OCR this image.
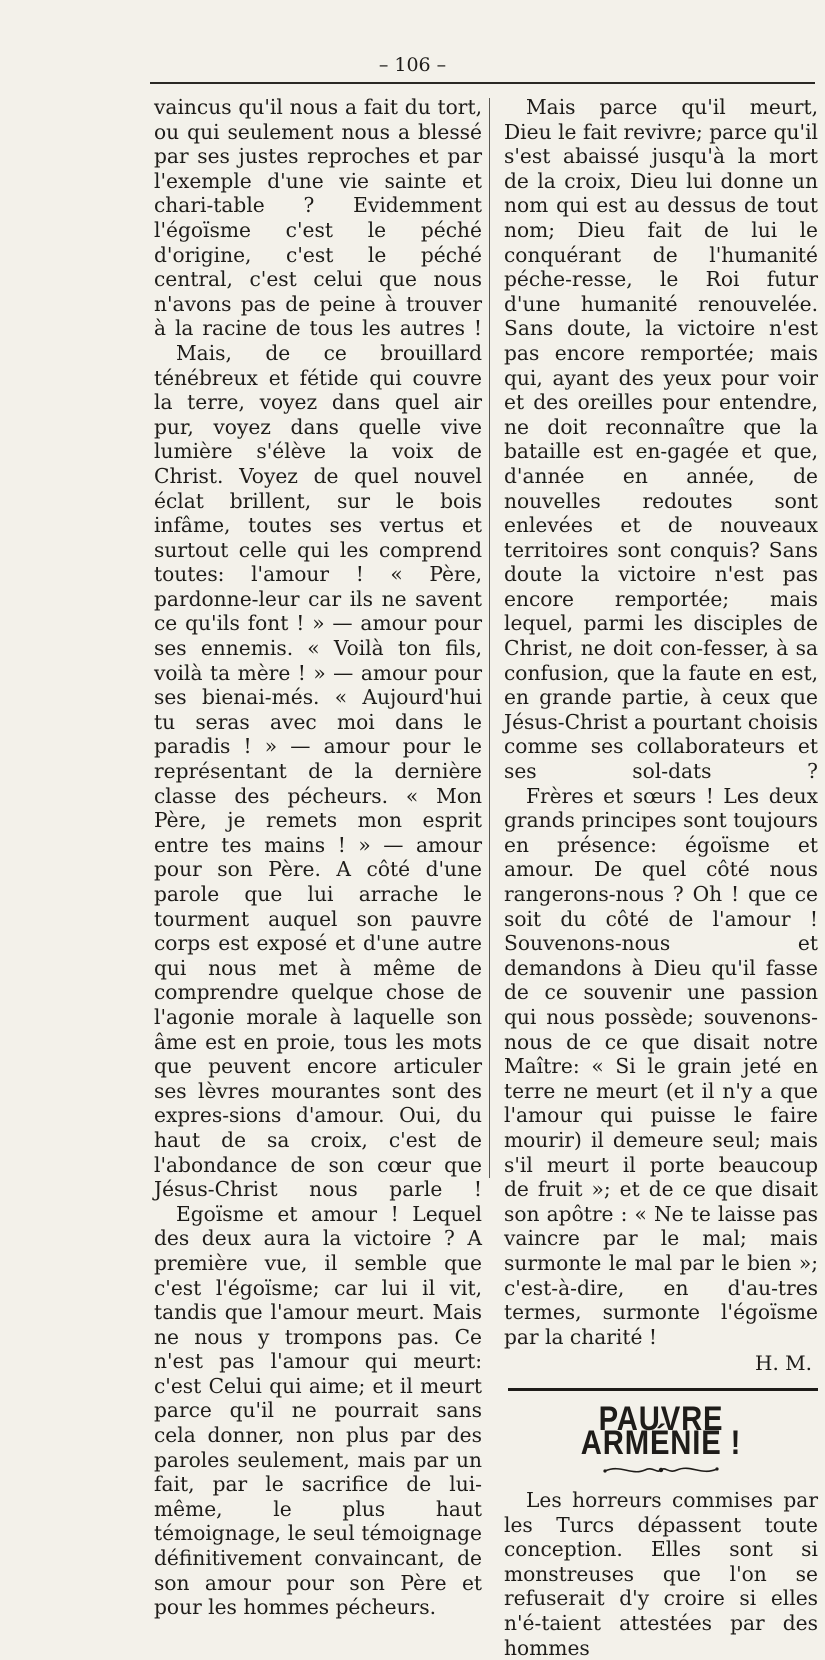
– 106 –

vaincus qu'il nous a fait du tort, ou qui seulement nous a blessé par ses justes reproches et par l'exemple d'une vie sainte et chari-table ? Evidemment l'égoïsme c'est le péché d'origine, c'est le péché central, c'est celui que nous n'avons pas de peine à trouver à la racine de tous les autres !

Mais, de ce brouillard ténébreux et fétide qui couvre la terre, voyez dans quel air pur, voyez dans quelle vive lumière s'élève la voix de Christ. Voyez de quel nouvel éclat brillent, sur le bois infâme, toutes ses vertus et surtout celle qui les comprend toutes: l'amour ! « Père, pardonne-leur car ils ne savent ce qu'ils font ! » — amour pour ses ennemis. « Voilà ton fils, voilà ta mère ! » — amour pour ses bienai-més. « Aujourd'hui tu seras avec moi dans le paradis ! » — amour pour le représentant de la dernière classe des pécheurs. « Mon Père, je remets mon esprit entre tes mains ! » — amour pour son Père. A côté d'une parole que lui arrache le tourment auquel son pauvre corps est exposé et d'une autre qui nous met à même de comprendre quelque chose de l'agonie morale à laquelle son âme est en proie, tous les mots que peuvent encore articuler ses lèvres mourantes sont des expres-sions d'amour. Oui, du haut de sa croix, c'est de l'abondance de son cœur que Jésus-Christ nous parle !

Egoïsme et amour ! Lequel des deux aura la victoire ? A première vue, il semble que c'est l'égoïsme; car lui il vit, tandis que l'amour meurt. Mais ne nous y trompons pas. Ce n'est pas l'amour qui meurt: c'est Celui qui aime; et il meurt parce qu'il ne pourrait sans cela donner, non plus par des paroles seulement, mais par un fait, par le sacrifice de lui-même, le plus haut témoignage, le seul témoignage définitivement convaincant, de son amour pour son Père et pour les hommes pécheurs.

Mais parce qu'il meurt, Dieu le fait revivre; parce qu'il s'est abaissé jusqu'à la mort de la croix, Dieu lui donne un nom qui est au dessus de tout nom; Dieu fait de lui le conquérant de l'humanité péche-resse, le Roi futur d'une humanité renouvelée. Sans doute, la victoire n'est pas encore remportée; mais qui, ayant des yeux pour voir et des oreilles pour entendre, ne doit reconnaître que la bataille est en-gagée et que, d'année en année, de nouvelles redoutes sont enlevées et de nouveaux territoires sont conquis? Sans doute la victoire n'est pas encore remportée; mais lequel, parmi les disciples de Christ, ne doit con-fesser, à sa confusion, que la faute en est, en grande partie, à ceux que Jésus-Christ a pourtant choisis comme ses collaborateurs et ses sol-dats ?

Frères et sœurs ! Les deux grands principes sont toujours en présence: égoïsme et amour. De quel côté nous rangerons-nous ? Oh ! que ce soit du côté de l'amour ! Souvenons-nous et demandons à Dieu qu'il fasse de ce souvenir une passion qui nous possède; souvenons-nous de ce que disait notre Maître: « Si le grain jeté en terre ne meurt (et il n'y a que l'amour qui puisse le faire mourir) il demeure seul; mais s'il meurt il porte beaucoup de fruit »; et de ce que disait son apôtre : « Ne te laisse pas vaincre par le mal; mais surmonte le mal par le bien »; c'est-à-dire, en d'au-tres termes, surmonte l'égoïsme par la charité !

H. M.
PAUVRE ARMÉNIE !

Les horreurs commises par les Turcs dépassent toute conception. Elles sont si monstreuses que l'on se refuserait d'y croire si elles n'é-taient attestées par des hommes
